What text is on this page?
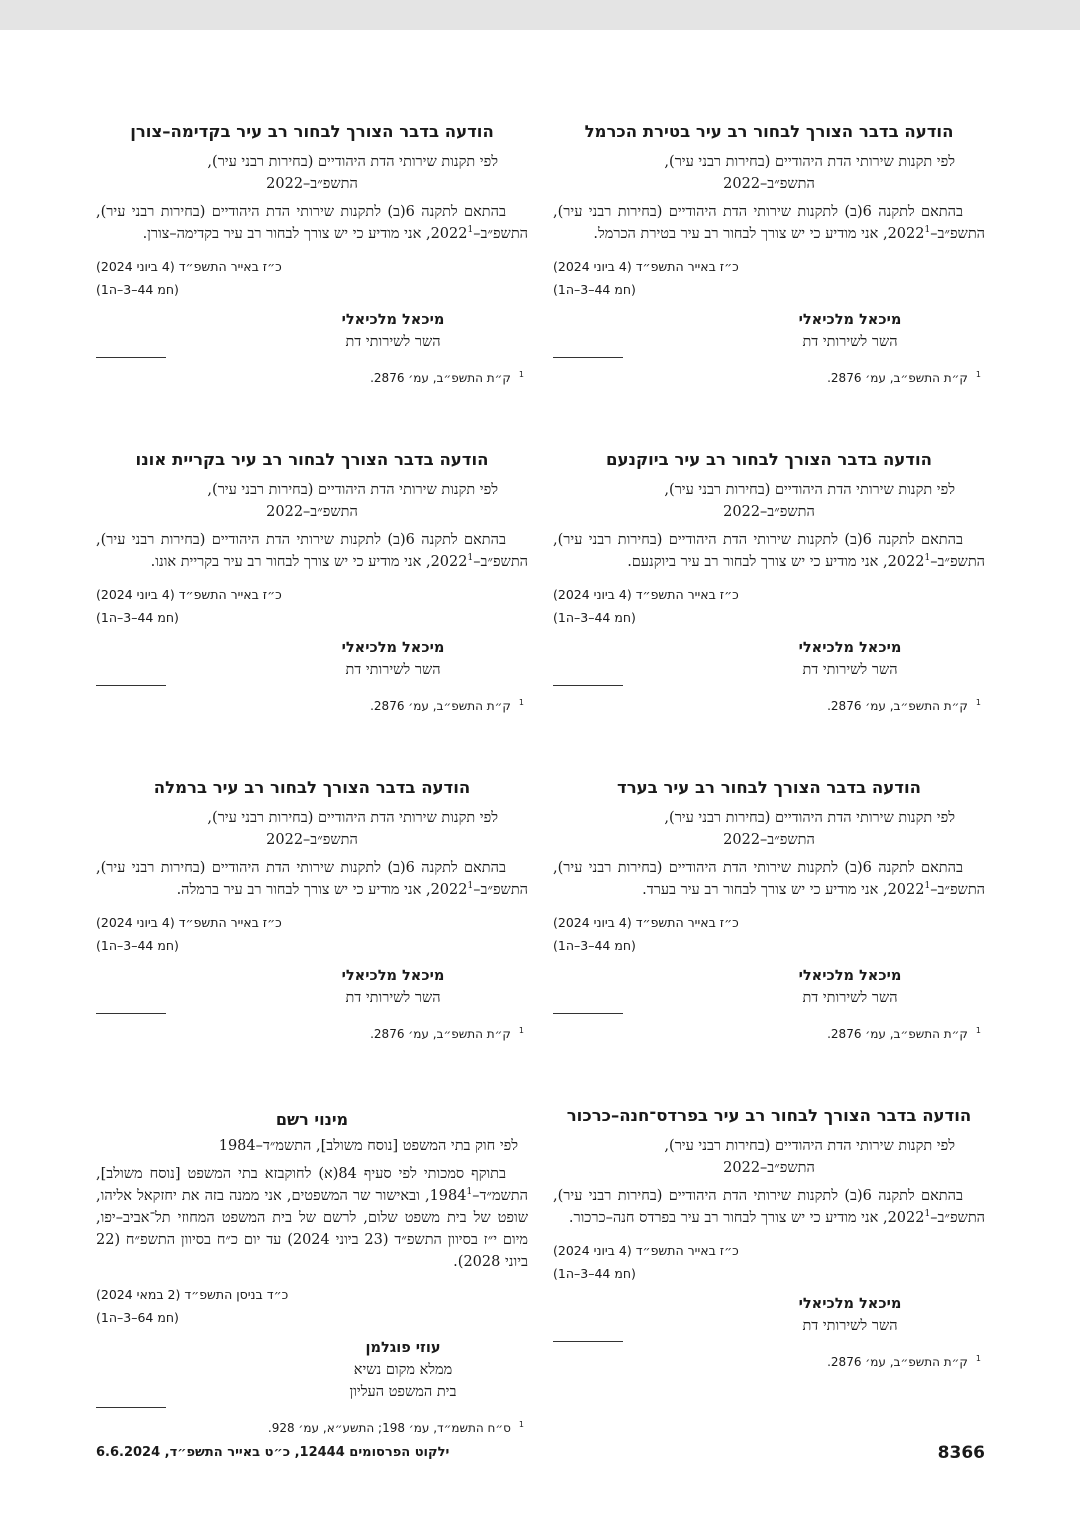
הודעה בדבר הצורך לבחור רב עיר בטירת הכרמל
לפי תקנות שירותי הדת היהודיים (בחירות רבני עיר),
התשפ״ב–2022
בהתאם לתקנה 6(ב) לתקנות שירותי הדת היהודיים (בחירות רבני עיר), התשפ״ב–2022$^1$, אני מודיע כי יש צורך לבחור רב עיר בטירת הכרמל.
כ״ז באייר התשפ״ד (4 ביוני 2024)
(חמ 44–3–ה1)
מיכאל מלכיאלי
השר לשירותי דת
$^1$ק״ת התשפ״ב, עמ׳ 2876.
הודעה בדבר הצורך לבחור רב עיר ביוקנעם
לפי תקנות שירותי הדת היהודיים (בחירות רבני עיר),
התשפ״ב–2022
בהתאם לתקנה 6(ב) לתקנות שירותי הדת היהודיים (בחירות רבני עיר), התשפ״ב–2022$^1$, אני מודיע כי יש צורך לבחור רב עיר ביוקנעם.
כ״ז באייר התשפ״ד (4 ביוני 2024)
(חמ 44–3–ה1)
מיכאל מלכיאלי
השר לשירותי דת
$^1$ק״ת התשפ״ב, עמ׳ 2876.
הודעה בדבר הצורך לבחור רב עיר בערד
לפי תקנות שירותי הדת היהודיים (בחירות רבני עיר),
התשפ״ב–2022
בהתאם לתקנה 6(ב) לתקנות שירותי הדת היהודיים (בחירות רבני עיר), התשפ״ב–2022$^1$, אני מודיע כי יש צורך לבחור רב עיר בערד.
כ״ז באייר התשפ״ד (4 ביוני 2024)
(חמ 44–3–ה1)
מיכאל מלכיאלי
השר לשירותי דת
$^1$ק״ת התשפ״ב, עמ׳ 2876.
הודעה בדבר הצורך לבחור רב עיר בפרדס־חנה–כרכור
לפי תקנות שירותי הדת היהודיים (בחירות רבני עיר),
התשפ״ב–2022
בהתאם לתקנה 6(ב) לתקנות שירותי הדת היהודיים (בחירות רבני עיר), התשפ״ב–2022$^1$, אני מודיע כי יש צורך לבחור רב עיר בפרדס חנה–כרכור.
כ״ז באייר התשפ״ד (4 ביוני 2024)
(חמ 44–3–ה1)
מיכאל מלכיאלי
השר לשירותי דת
$^1$ק״ת התשפ״ב, עמ׳ 2876.
הודעה בדבר הצורך לבחור רב עיר בקדימה–צורן
לפי תקנות שירותי הדת היהודיים (בחירות רבני עיר),
התשפ״ב–2022
בהתאם לתקנה 6(ב) לתקנות שירותי הדת היהודיים (בחירות רבני עיר), התשפ״ב–2022$^1$, אני מודיע כי יש צורך לבחור רב עיר בקדימה–צורן.
כ״ז באייר התשפ״ד (4 ביוני 2024)
(חמ 44–3–ה1)
מיכאל מלכיאלי
השר לשירותי דת
$^1$ק״ת התשפ״ב, עמ׳ 2876.
הודעה בדבר הצורך לבחור רב עיר בקריית אונו
לפי תקנות שירותי הדת היהודיים (בחירות רבני עיר),
התשפ״ב–2022
בהתאם לתקנה 6(ב) לתקנות שירותי הדת היהודיים (בחירות רבני עיר), התשפ״ב–2022$^1$, אני מודיע כי יש צורך לבחור רב עיר בקריית אונו.
כ״ז באייר התשפ״ד (4 ביוני 2024)
(חמ 44–3–ה1)
מיכאל מלכיאלי
השר לשירותי דת
$^1$ק״ת התשפ״ב, עמ׳ 2876.
הודעה בדבר הצורך לבחור רב עיר ברמלה
לפי תקנות שירותי הדת היהודיים (בחירות רבני עיר),
התשפ״ב–2022
בהתאם לתקנה 6(ב) לתקנות שירותי הדת היהודיים (בחירות רבני עיר), התשפ״ב–2022$^1$, אני מודיע כי יש צורך לבחור רב עיר ברמלה.
כ״ז באייר התשפ״ד (4 ביוני 2024)
(חמ 44–3–ה1)
מיכאל מלכיאלי
השר לשירותי דת
$^1$ק״ת התשפ״ב, עמ׳ 2876.
מינוי רשם
לפי חוק בתי המשפט [נוסח משולב], התשמ״ד–1984
בתוקף סמכותי לפי סעיף 84(א) לחוקבזא בתי המשפט [נוסח משולב], התשמ״ד–1984$^1$, ובאישור שר המשפטים, אני ממנה בזה את יחזקאל אליהו, שופט של בית משפט שלום, לרשם של בית המשפט המחוזי תל־אביב–יפו, מיום י״ז בסיוון התשפ״ד (23 ביוני 2024) עד יום כ״ח בסיוון התשפ״ח (22 ביוני 2028).
כ״ד בניסן התשפ״ד (2 במאי 2024)
(חמ 64–3–ה1)
עוזי פוגלמן
ממלא מקום נשיא
בית המשפט העליון
$^1$ס״ח התשמ״ד, עמ׳ 198; התשע״א, עמ׳ 928.
8366
ילקוט הפרסומים 12444, כ״ט באייר התשפ״ד, 6.6.2024
